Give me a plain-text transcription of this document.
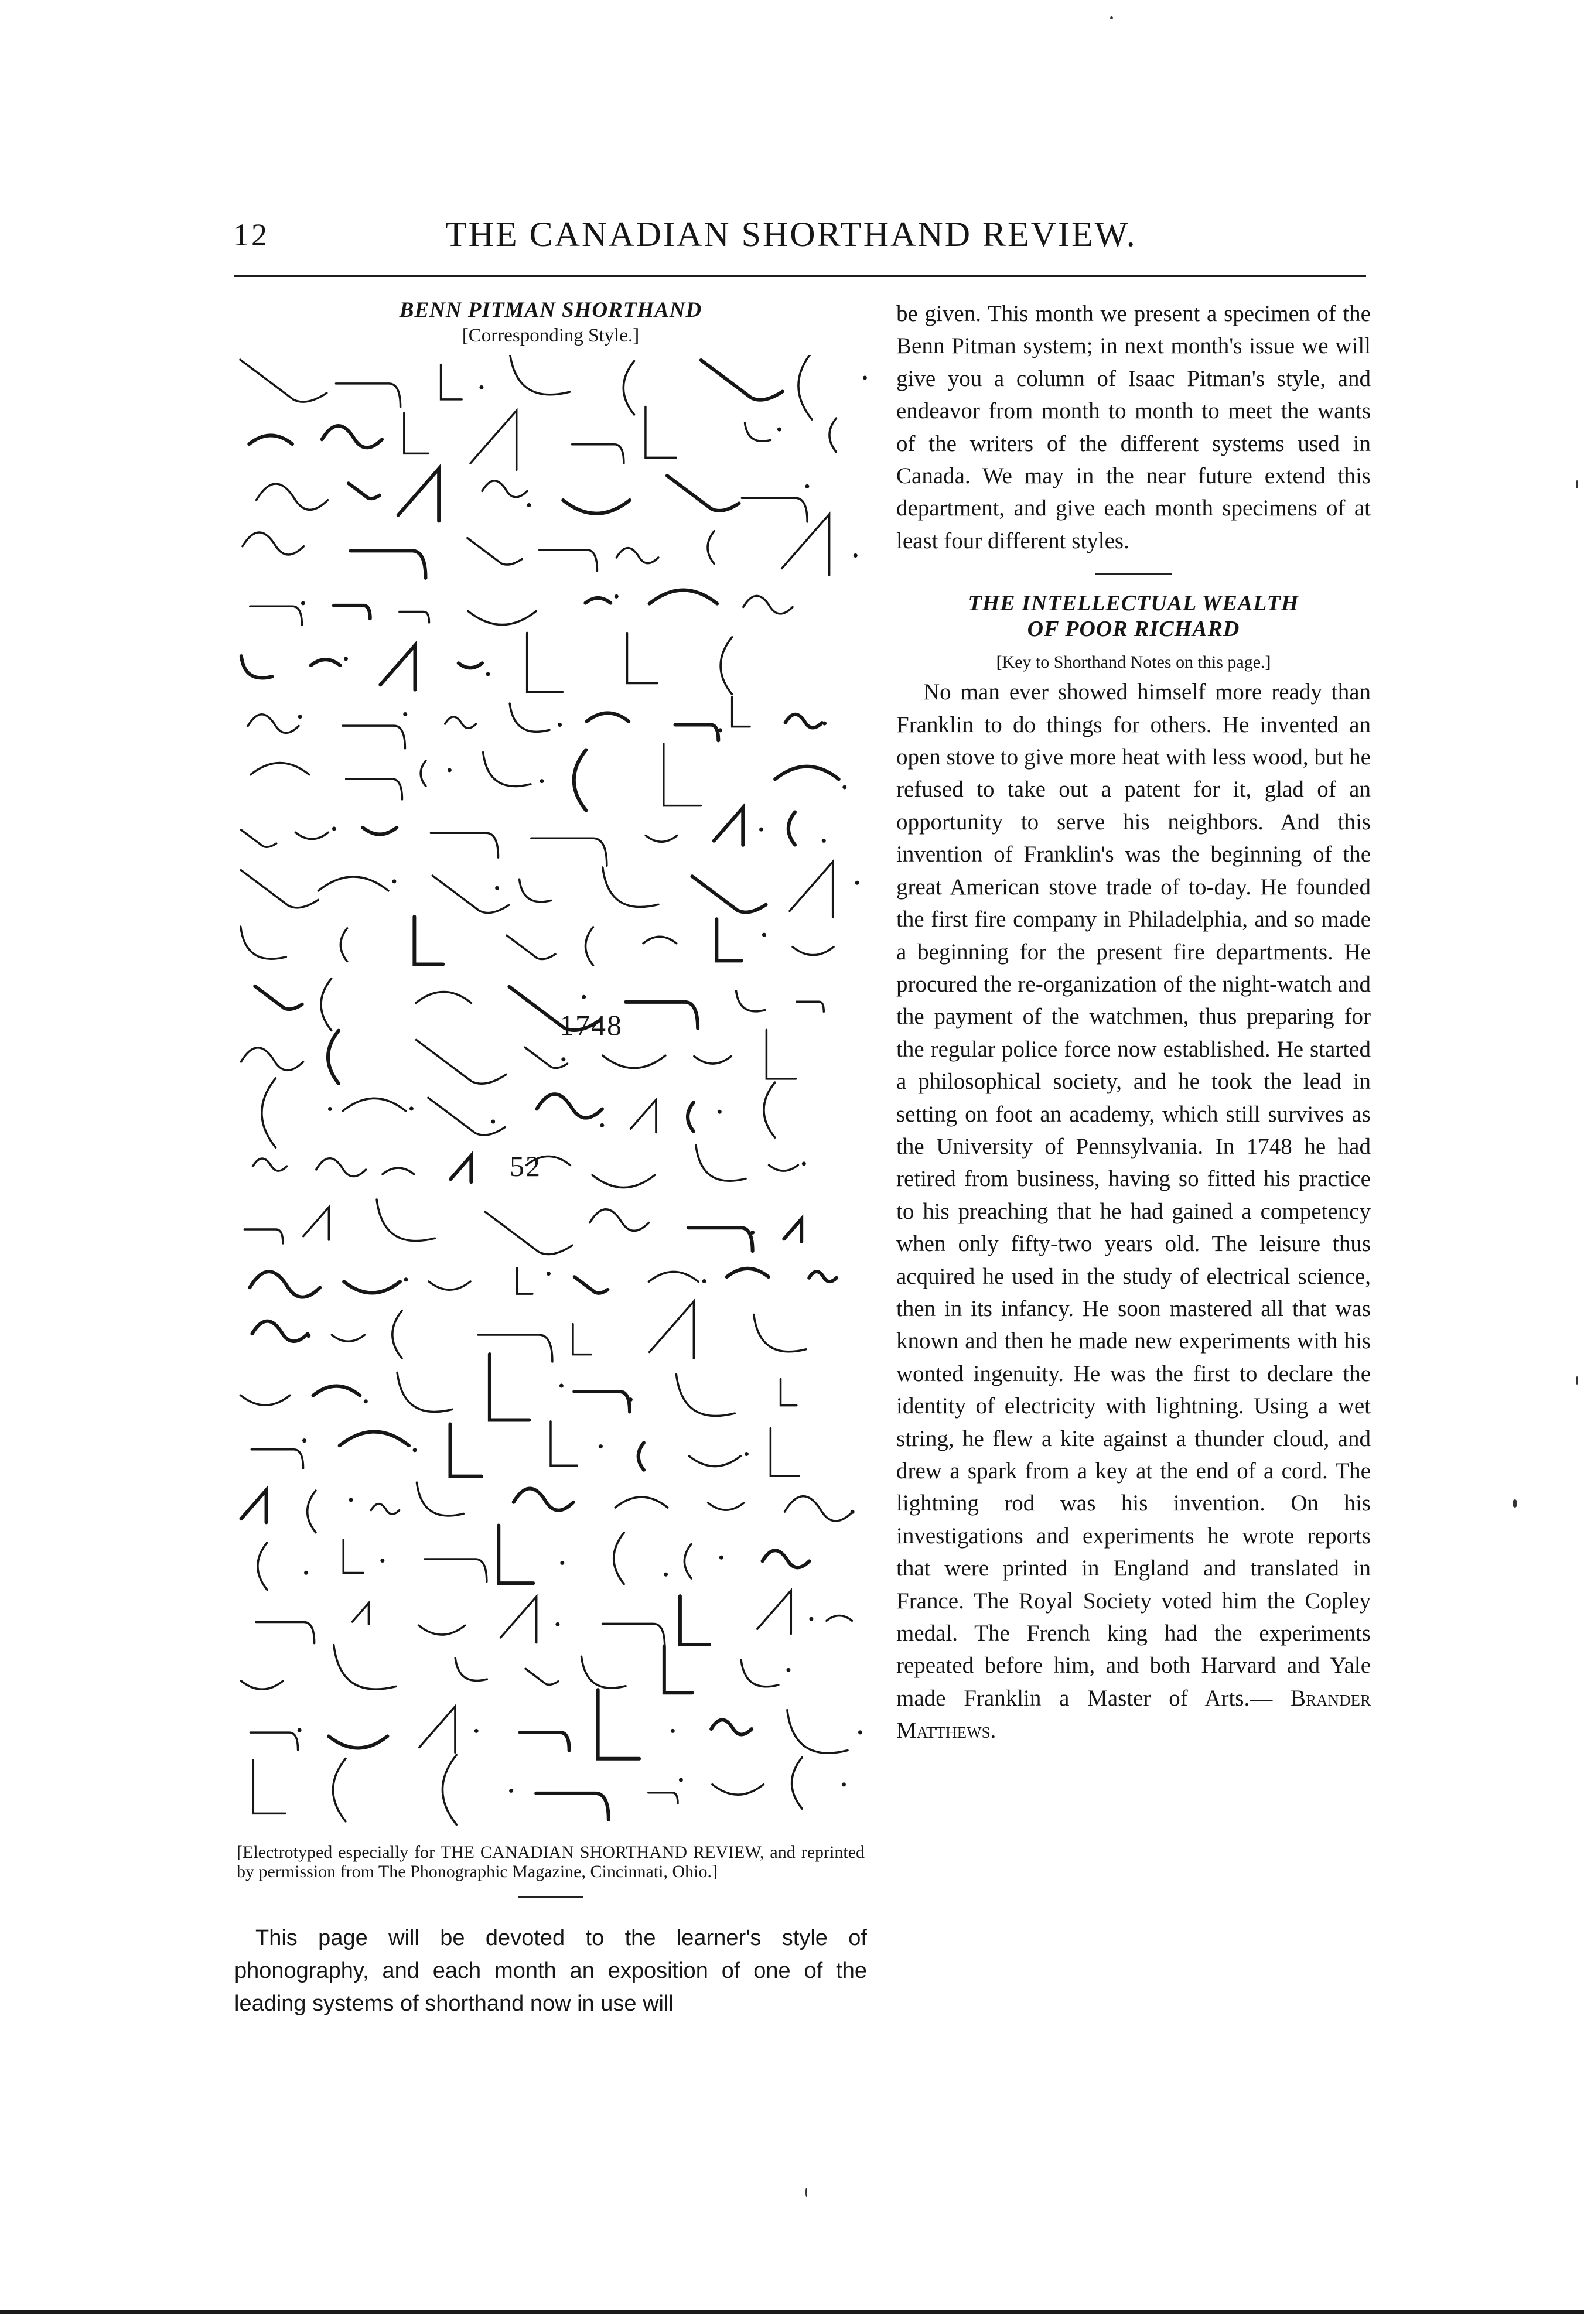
12	THE CANADIAN SHORTHAND REVIEW.
BENN PITMAN SHORTHAND
[Corresponding Style.]
1748
52
[Electrotyped especially for THE CANADIAN SHORTHAND REVIEW, and reprinted by permission from The Phonographic Magazine, Cincinnati, Ohio.]

This page will be devoted to the learner's style of phonography, and each month an exposition of one of the leading systems of shorthand now in use will

be given. This month we present a specimen of the Benn Pitman system; in next month's issue we will give you a column of Isaac Pitman's style, and endeavor from month to month to meet the wants of the writers of the different systems used in Canada. We may in the near future extend this department, and give each month specimens of at least four different styles.

THE INTELLECTUAL WEALTH
OF POOR RICHARD
[Key to Shorthand Notes on this page.]

No man ever showed himself more ready than Franklin to do things for others. He invented an open stove to give more heat with less wood, but he refused to take out a patent for it, glad of an opportunity to serve his neighbors. And this invention of Franklin's was the beginning of the great American stove trade of to-day. He founded the first fire company in Philadelphia, and so made a beginning for the present fire departments. He procured the re-organization of the night-watch and the payment of the watchmen, thus preparing for the regular police force now established. He started a philosophical society, and he took the lead in setting on foot an academy, which still survives as the University of Pennsylvania. In 1748 he had retired from business, having so fitted his practice to his preaching that he had gained a competency when only fifty-two years old. The leisure thus acquired he used in the study of electrical science, then in its infancy. He soon mastered all that was known and then he made new experiments with his wonted ingenuity. He was the first to declare the identity of electricity with lightning. Using a wet string, he flew a kite against a thunder cloud, and drew a spark from a key at the end of a cord. The lightning rod was his invention. On his investigations and experiments he wrote reports that were printed in England and translated in France. The Royal Society voted him the Copley medal. The French king had the experiments repeated before him, and both Harvard and Yale made Franklin a Master of Arts.— Brander Matthews.
